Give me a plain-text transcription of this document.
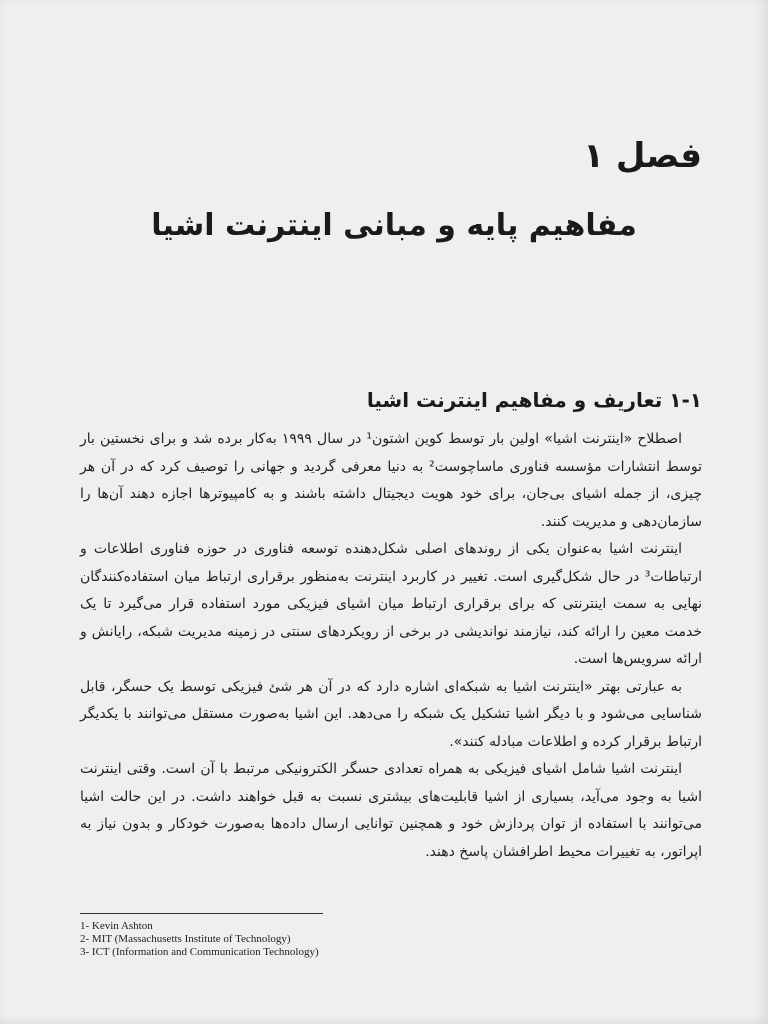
فصل ۱
مفاهیم پایه و مبانی اینترنت اشیا
۱-۱ تعاریف و مفاهیم اینترنت اشیا

اصطلاح «اینترنت اشیا» اولین بار توسط کوین اشتون¹ در سال ۱۹۹۹ به‌کار برده شد و برای نخستین بار توسط انتشارات مؤسسه فناوری ماساچوست² به دنیا معرفی گردید و جهانی را توصیف کرد که در آن هر چیزی، از جمله اشیای بی‌جان، برای خود هویت دیجیتال داشته باشند و به کامپیوترها اجازه دهند آن‌ها را سازمان‌دهی و مدیریت کنند.

اینترنت اشیا به‌عنوان یکی از روندهای اصلی شکل‌دهنده توسعه فناوری در حوزه فناوری اطلاعات و ارتباطات³ در حال شکل‌گیری است. تغییر در کاربرد اینترنت به‌منظور برقراری ارتباط میان استفاده‌کنندگان نهایی به سمت اینترنتی که برای برقراری ارتباط میان اشیای فیزیکی مورد استفاده قرار می‌گیرد تا یک خدمت معین را ارائه کند، نیازمند نواندیشی در برخی از رویکردهای سنتی در زمینه مدیریت شبکه، رایانش و ارائه سرویس‌ها است.

به عبارتی بهتر «اینترنت اشیا به شبکه‌ای اشاره دارد که در آن هر شئ فیزیکی توسط یک حسگر، قابل شناسایی می‌شود و با دیگر اشیا تشکیل یک شبکه را می‌دهد. این اشیا به‌صورت مستقل می‌توانند با یکدیگر ارتباط برقرار کرده و اطلاعات مبادله کنند».

اینترنت اشیا شامل اشیای فیزیکی به همراه تعدادی حسگر الکترونیکی مرتبط با آن است. وقتی اینترنت اشیا به وجود می‌آید، بسیاری از اشیا قابلیت‌های بیشتری نسبت به قبل خواهند داشت. در این حالت اشیا می‌توانند با استفاده از توان پردازش خود و همچنین توانایی ارسال داده‌ها به‌صورت خودکار و بدون نیاز به اپراتور، به تغییرات محیط اطرافشان پاسخ دهند.

1- Kevin Ashton
2- MIT (Massachusetts Institute of Technology)
3- ICT (Information and Communication Technology)
